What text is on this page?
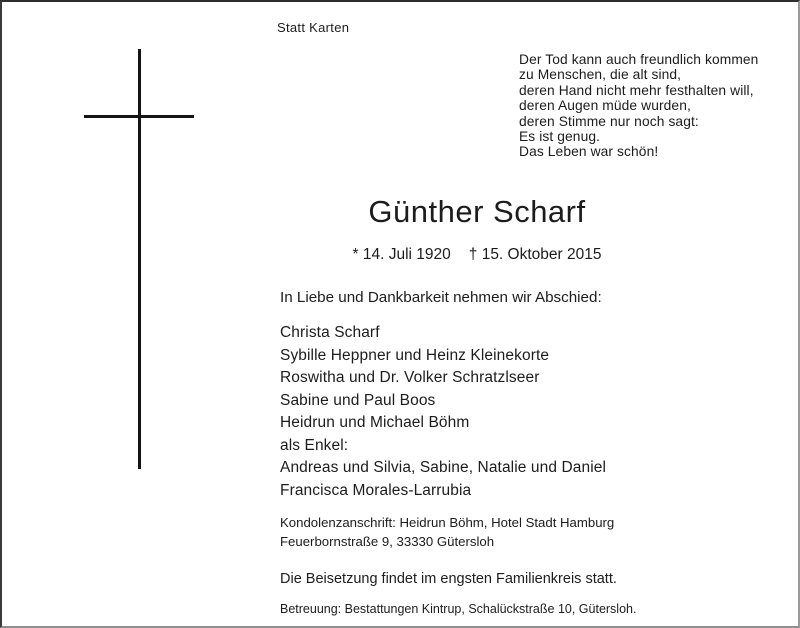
Statt Karten
Der Tod kann auch freundlich kommen
zu Menschen, die alt sind,
deren Hand nicht mehr festhalten will,
deren Augen müde wurden,
deren Stimme nur noch sagt:
Es ist genug.
Das Leben war schön!
Günther Scharf
* 14. Juli 1920 † 15. Oktober 2015
In Liebe und Dankbarkeit nehmen wir Abschied:
Christa Scharf
Sybille Heppner und Heinz Kleinekorte
Roswitha und Dr. Volker Schratzlseer
Sabine und Paul Boos
Heidrun und Michael Böhm
als Enkel:
Andreas und Silvia, Sabine, Natalie und Daniel
Francisca Morales-Larrubia
Kondolenzanschrift: Heidrun Böhm, Hotel Stadt Hamburg
Feuerbornstraße 9, 33330 Gütersloh
Die Beisetzung findet im engsten Familienkreis statt.
Betreuung: Bestattungen Kintrup, Schalückstraße 10, Gütersloh.
